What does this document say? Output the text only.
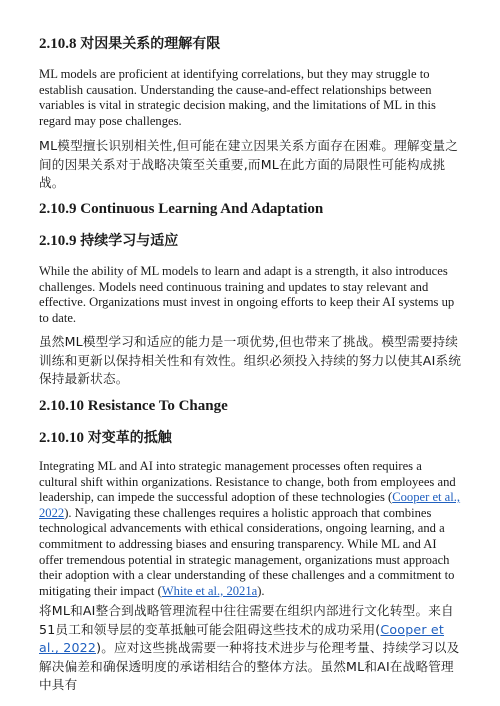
2.10.8 对因果关系的理解有限

ML models are proficient at identifying correlations, but they may struggle to establish causation. Understanding the cause-and-effect relationships between variables is vital in strategic decision making, and the limitations of ML in this regard may pose challenges.

ML模型擅长识别相关性,但可能在建立因果关系方面存在困难。理解变量之间的因果关系对于战略决策至关重要,而ML在此方面的局限性可能构成挑战。

2.10.9 Continuous Learning And Adaptation
2.10.9 持续学习与适应

While the ability of ML models to learn and adapt is a strength, it also introduces challenges. Models need continuous training and updates to stay relevant and effective. Organizations must invest in ongoing efforts to keep their AI systems up to date.

虽然ML模型学习和适应的能力是一项优势,但也带来了挑战。模型需要持续训练和更新以保持相关性和有效性。组织必须投入持续的努力以使其AI系统保持最新状态。

2.10.10 Resistance To Change
2.10.10 对变革的抵触

Integrating ML and AI into strategic management processes often requires a cultural shift within organizations. Resistance to change, both from employees and leadership, can impede the successful adoption of these technologies (Cooper et al., 2022). Navigating these challenges requires a holistic approach that combines technological advancements with ethical considerations, ongoing learning, and a commitment to addressing biases and ensuring transparency. While ML and AI offer tremendous potential in strategic management, organizations must approach their adoption with a clear understanding of these challenges and a commitment to mitigating their impact (White et al., 2021a).

将ML和AI整合到战略管理流程中往往需要在组织内部进行文化转型。来自51员工和领导层的变革抵触可能会阻碍这些技术的成功采用(Cooper et al., 2022)。应对这些挑战需要一种将技术进步与伦理考量、持续学习以及解决偏差和确保透明度的承诺相结合的整体方法。虽然ML和AI在战略管理中具有
